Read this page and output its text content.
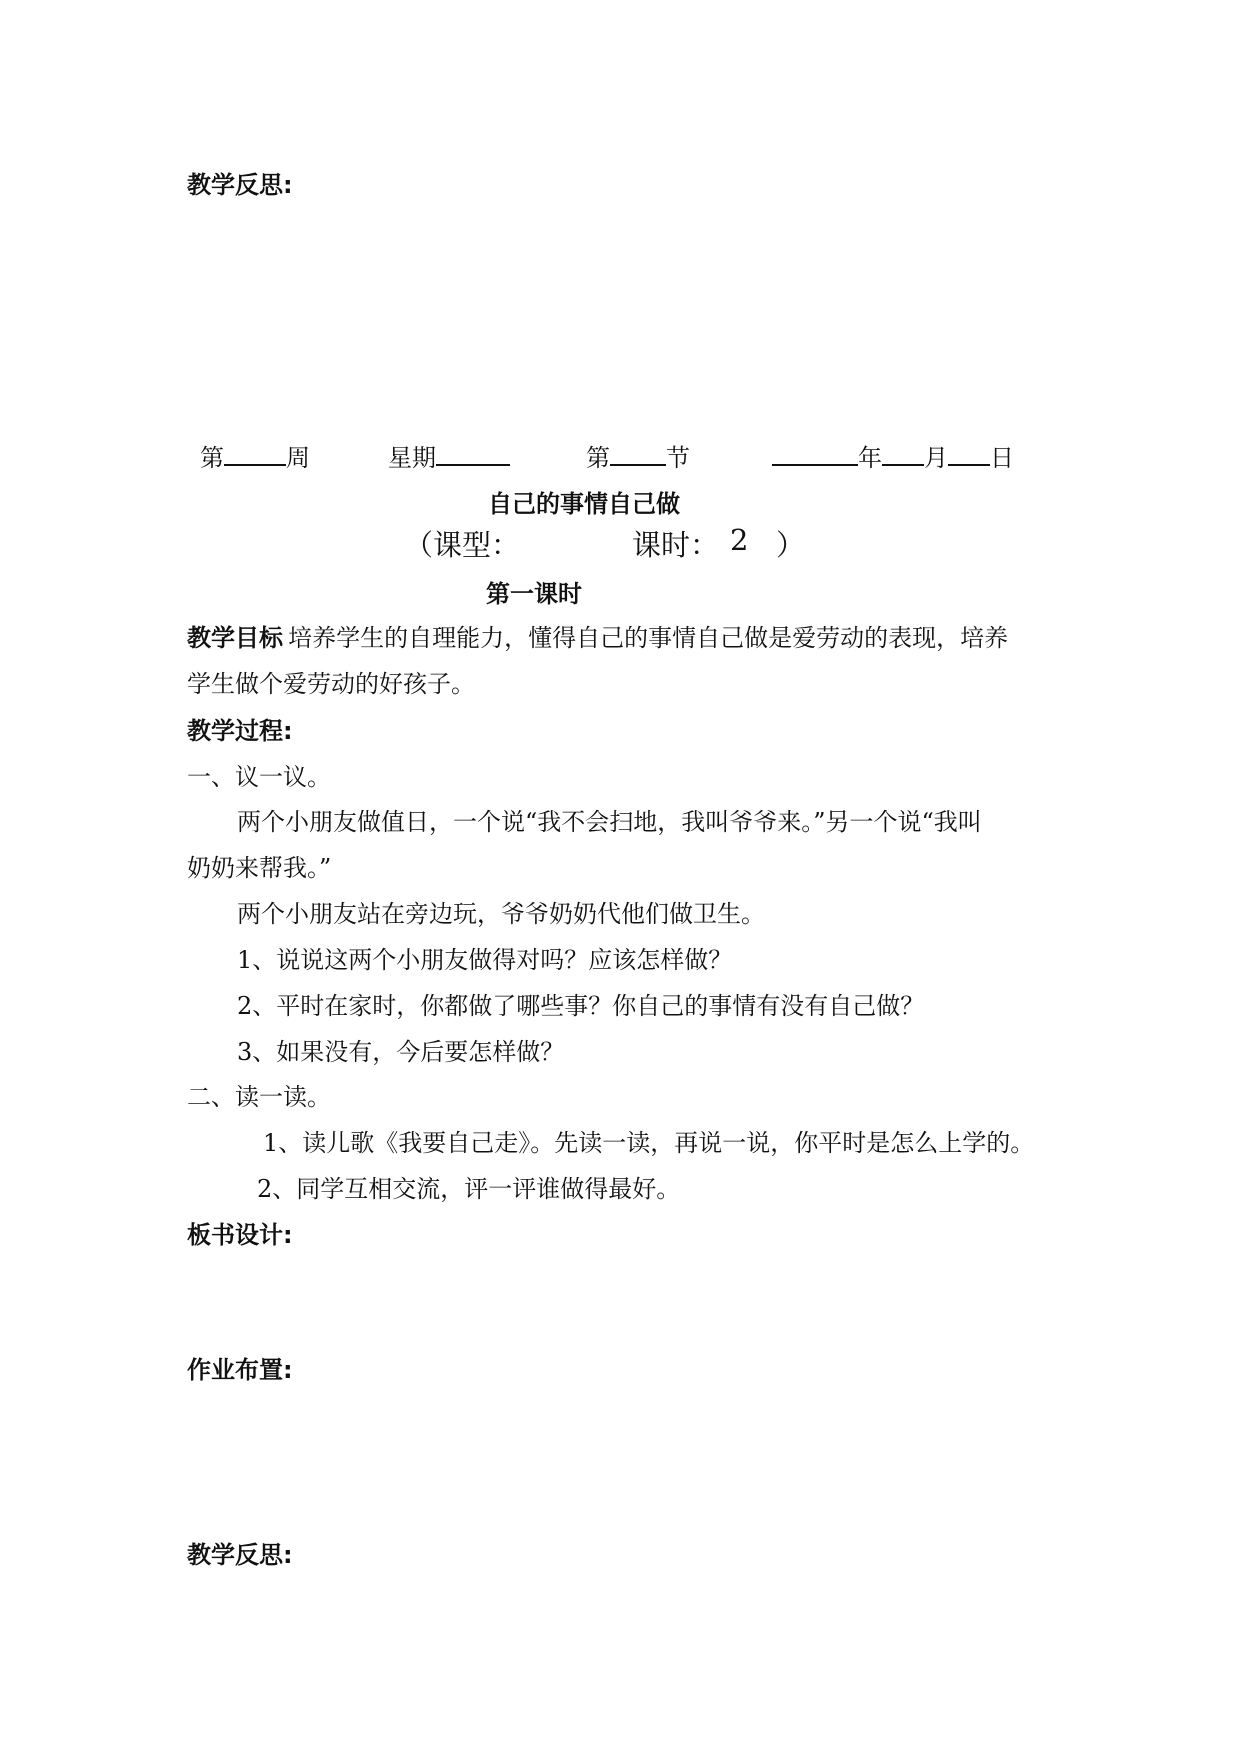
教学反思:
第	周	星期	第 节	年 月 日
自己的事情自己做
（课型：	课时： 2 ）
第一课时
教学目标 培养学生的自理能力，懂得自己的事情自己做是爱劳动的表现，培养
学生做个爱劳动的好孩子。
教学过程:
一、议一议。
两个小朋友做值日，一个说“我不会扫地，我叫爷爷来。”另一个说“我叫
奶奶来帮我。”
两个小朋友站在旁边玩，爷爷奶奶代他们做卫生。
1、说说这两个小朋友做得对吗？应该怎样做？
2、平时在家时，你都做了哪些事？你自己的事情有没有自己做？
3、如果没有，今后要怎样做？
二、读一读。
1、读儿歌《我要自己走》。先读一读，再说一说，你平时是怎么上学的。
2、同学互相交流，评一评谁做得最好。
板书设计:
作业布置:
教学反思:
